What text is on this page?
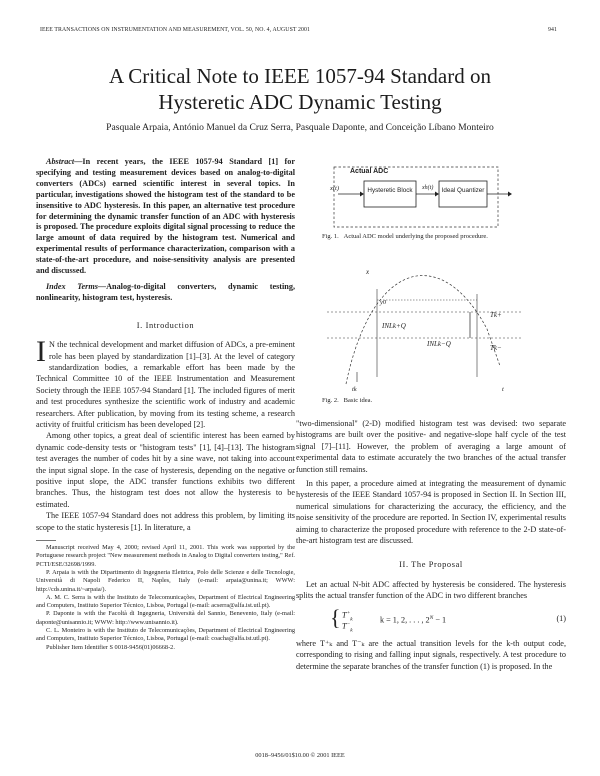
IEEE TRANSACTIONS ON INSTRUMENTATION AND MEASUREMENT, VOL. 50, NO. 4, AUGUST 2001	941
A Critical Note to IEEE 1057-94 Standard on
Hysteretic ADC Dynamic Testing
Pasquale Arpaia, António Manuel da Cruz Serra, Pasquale Daponte, and Conceição Líbano Monteiro

Abstract—In recent years, the IEEE 1057-94 Standard [1] for specifying and testing measurement devices based on analog-to-digital converters (ADCs) earned scientific interest in several topics. In particular, investigations showed the histogram test of the standard to be insensitive to ADC hysteresis. In this paper, an alternative test procedure for determining the dynamic transfer function of an ADC with hysteresis is proposed. The procedure exploits digital signal processing to reduce the large amount of data required by the histogram test. Numerical and experimental results of performance characterization, comparison with a state-of-the-art procedure, and noise-sensitivity analysis are presented and discussed.

Index Terms—Analog-to-digital converters, dynamic testing, nonlinearity, histogram test, hysteresis.

I. Introduction

I N the technical development and market diffusion of ADCs, a pre-eminent role has been played by standardization [1]–[3]. At the level of category standardization bodies, a remarkable effort has been made by the Technical Committee 10 of the IEEE Instrumentation and Measurement Society through the IEEE 1057-94 Standard [1]. The included figures of merit and test procedures synthesize the scientific work of industry and academic researchers. After publication, by moving from its testing scheme, a research activity of fruitful criticism has been developed [2].

Among other topics, a great deal of scientific interest has been earned by dynamic code-density tests or "histogram tests" [1], [4]–[13]. The histogram test averages the number of codes hit by a sine wave, not taking into account the input signal slope. In the case of hysteresis, depending on the negative or positive input slope, the ADC transfer functions exhibits two different branches. Thus, the histogram test does not allow the hysteresis to be estimated.

The IEEE 1057-94 Standard does not address this problem, by limiting its scope to the static hysteresis [1]. In literature, a

Manuscript received May 4, 2000; revised April 11, 2001. This work was supported by the Portuguese research project "New measurement methods in Analog to Digital converters testing," Ref. PCTI/ESE/32698/1999.

P. Arpaia is with the Dipartimento di Ingegneria Elettrica, Polo delle Scienze e delle Tecnologie, Università di Napoli Federico II, Naples, Italy (e-mail: arpaia@unina.it; WWW: http://cds.unina.it/~arpaia/).

A. M. C. Serra is with the Instituto de Telecomunicações, Department of Electrical Engineering and Computers, Instituto Superior Técnico, Lisboa, Portugal (e-mail: acserra@alfa.ist.utl.pt).

P. Daponte is with the Facoltà di Ingegneria, Università del Sannio, Benevento, Italy (e-mail: daponte@unisannio.it; WWW: http://www.unisannio.it).

C. L. Monteiro is with the Instituto de Telecomunicações, Department of Electrical Engineering and Computers, Instituto Superior Técnico, Lisboa, Portugal (e-mail: coacha@alfa.ist.utl.pt).

Publisher Item Identifier S 0018-9456(01)06668-2.

Actual ADC
x(t)	Hysteretic Block xh(t) Ideal Quantizer
Fig. 1. Actual ADC model underlying the proposed procedure.
x
y0
INLk+Q
INLk−Q
Tk+
Tk−
tk	t
Fig. 2. Basic idea.

"two-dimensional" (2-D) modified histogram test was devised: two separate histograms are built over the positive- and negative-slope half cycle of the test signal [7]–[11]. However, the problem of averaging a large amount of experimental data to estimate accurately the two branches of the actual transfer function still remains.

In this paper, a procedure aimed at integrating the measurement of dynamic hysteresis of the IEEE Standard 1057-94 is proposed in Section II. In Section III, numerical simulations for characterizing the accuracy, the efficiency, and the noise sensitivity of the procedure are reported. In Section IV, experimental results aiming to characterize the proposed procedure with reference to the 2-D state-of-the-art histogram test are discussed.

II. The Proposal

Let an actual N-bit ADC affected by hysteresis be considered. The hysteresis splits the actual transfer function of the ADC in two different branches

{ $T^+_k$
$T^-_k$
k = 1, 2, . . . , $2^N - 1$	(1)

where T⁺ₖ and T⁻ₖ are the actual transition levels for the k-th output code, corresponding to rising and falling input signals, respectively. A test procedure to determine the separate branches of the transfer function (1) is proposed. In the

0018–9456/01$10.00 © 2001 IEEE
